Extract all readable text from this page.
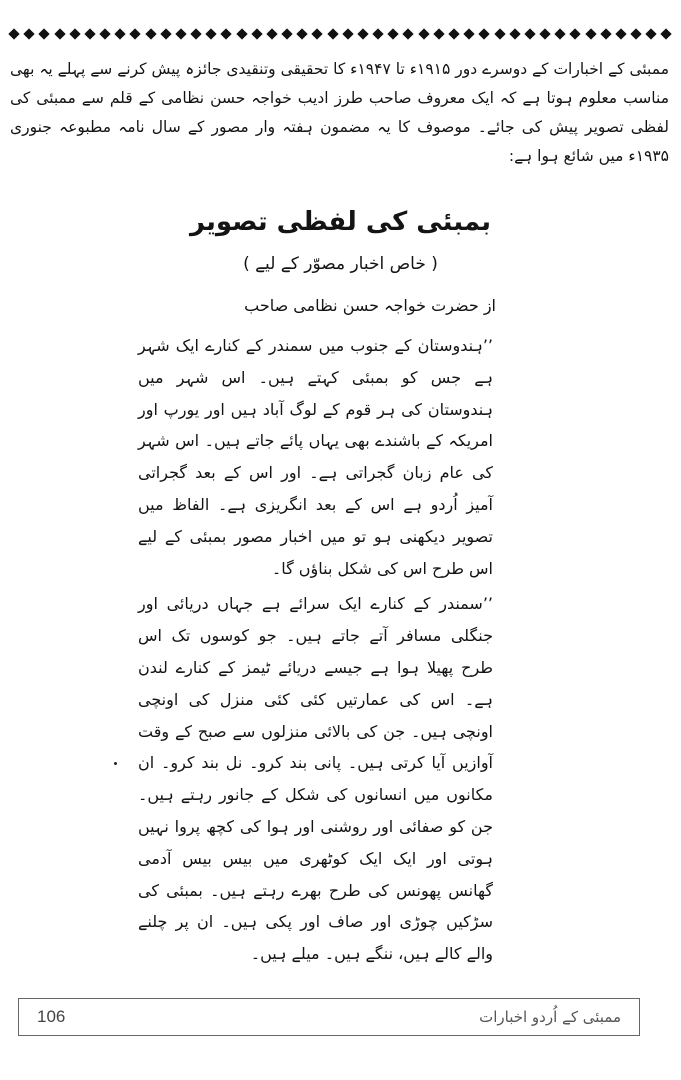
ممبئی کے اخبارات کے دوسرے دور ۱۹۱۵ء تا ۱۹۴۷ء کا تحقیقی وتنقیدی جائزہ پیش کرنے سے پہلے یہ بھی مناسب معلوم ہوتا ہے کہ ایک معروف صاحب طرز ادیب خواجہ حسن نظامی کے قلم سے ممبئی کی لفظی تصویر پیش کی جائے۔ موصوف کا یہ مضمون ہفتہ وار مصور کے سال نامہ مطبوعہ جنوری ۱۹۳۵ء میں شائع ہوا ہے:

بمبئی کی لفظی تصویر
( خاص اخبار مصوّر کے لیے )
از حضرت خواجہ حسن نظامی صاحب

’’ہندوستان کے جنوب میں سمندر کے کنارے ایک شہر ہے جس کو بمبئی کہتے ہیں۔ اس شہر میں ہندوستان کی ہر قوم کے لوگ آباد ہیں اور یورپ اور امریکہ کے باشندے بھی یہاں پائے جاتے ہیں۔ اس شہر کی عام زبان گجراتی ہے۔ اور اس کے بعد گجراتی آمیز اُردو ہے اس کے بعد انگریزی ہے۔ الفاظ میں تصویر دیکھنی ہو تو میں اخبار مصور بمبئی کے لیے اس طرح اس کی شکل بناؤں گا۔

’’سمندر کے کنارے ایک سرائے ہے جہاں دریائی اور جنگلی مسافر آتے جاتے ہیں۔ جو کوسوں تک اس طرح پھیلا ہوا ہے جیسے دریائے ٹیمز کے کنارے لندن ہے۔ اس کی عمارتیں کئی کئی منزل کی اونچی اونچی ہیں۔ جن کی بالائی منزلوں سے صبح کے وقت آوازیں آیا کرتی ہیں۔ پانی بند کرو۔ نل بند کرو۔ ان مکانوں میں انسانوں کی شکل کے جانور رہتے ہیں۔ جن کو صفائی اور روشنی اور ہوا کی کچھ پروا نہیں ہوتی اور ایک ایک کوٹھری میں بیس بیس آدمی گھانس پھونس کی طرح بھرے رہتے ہیں۔ بمبئی کی سڑکیں چوڑی اور صاف اور پکی ہیں۔ ان پر چلنے والے کالے ہیں، ننگے ہیں۔ میلے ہیں۔

106	ممبئی کے اُردو اخبارات
